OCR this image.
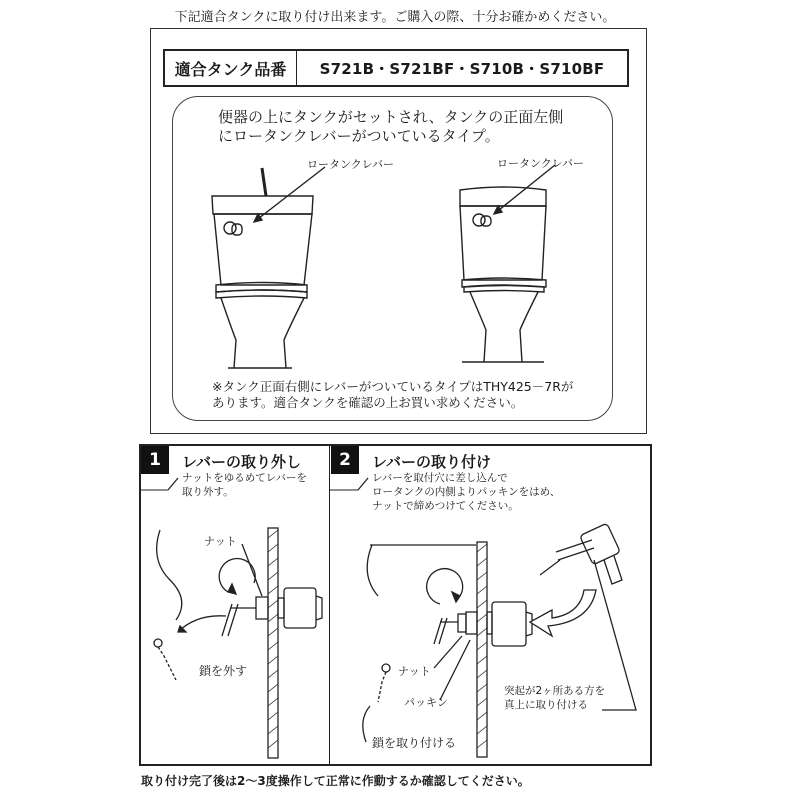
下記適合タンクに取り付け出来ます。ご購入の際、十分お確かめください。
適合タンク品番	S721B・S721BF・S710B・S710BF
便器の上にタンクがセットされ、タンクの正面左側
にロータンクレバーがついているタイプ。
ロータンクレバー	ロータンクレバー
※タンク正面右側にレバーがついているタイプはTHY425－7Rが
あります。適合タンクを確認の上お買い求めください。
1	レバーの取り外し
ナットをゆるめてレバーを
取り外す。
ナット
鎖を外す
2	レバーの取り付け
レバーを取付穴に差し込んで
ロータンクの内側よりパッキンをはめ、
ナットで締めつけてください。
ナット
パッキン
鎖を取り付ける
突起が2ヶ所ある方を
真上に取り付ける
取り付け完了後は2～3度操作して正常に作動するか確認してください。
